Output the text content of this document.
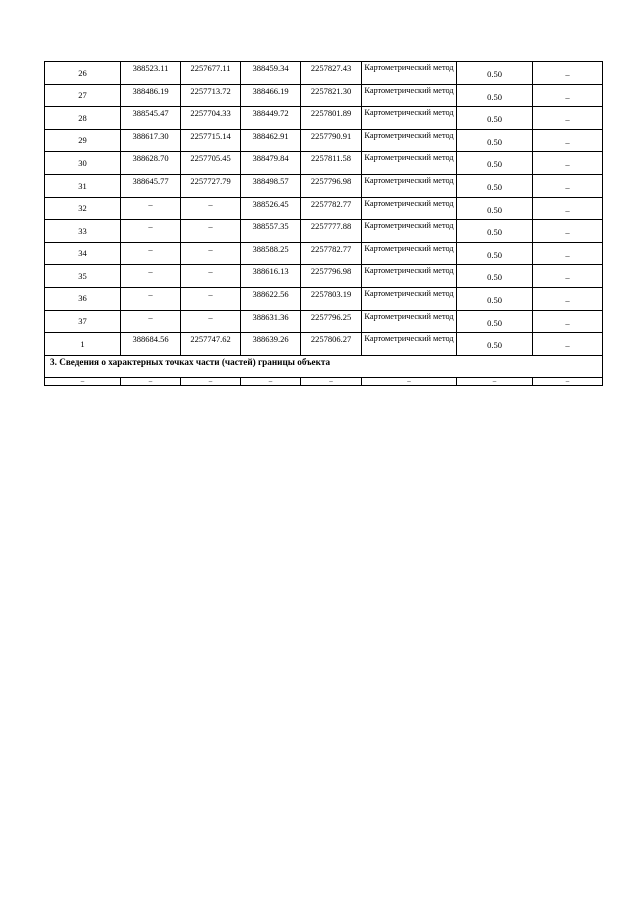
26	388523.11	2257677.11	388459.34	2257827.43	Картометрический метод	0.50	–
27	388486.19	2257713.72	388466.19	2257821.30	Картометрический метод	0.50	–
28	388545.47	2257704.33	388449.72	2257801.89	Картометрический метод	0.50	–
29	388617.30	2257715.14	388462.91	2257790.91	Картометрический метод	0.50	–
30	388628.70	2257705.45	388479.84	2257811.58	Картометрический метод	0.50	–
31	388645.77	2257727.79	388498.57	2257796.98	Картометрический метод	0.50	–
32	–	–	388526.45	2257782.77	Картометрический метод	0.50	–
33	–	–	388557.35	2257777.88	Картометрический метод	0.50	–
34	–	–	388588.25	2257782.77	Картометрический метод	0.50	–
35	–	–	388616.13	2257796.98	Картометрический метод	0.50	–
36	–	–	388622.56	2257803.19	Картометрический метод	0.50	–
37	–	–	388631.36	2257796.25	Картометрический метод	0.50	–
1	388684.56	2257747.62	388639.26	2257806.27	Картометрический метод	0.50	–
3. Сведения о характерных точках части (частей) границы объекта							
–	–	–	–	–	–	–	–
